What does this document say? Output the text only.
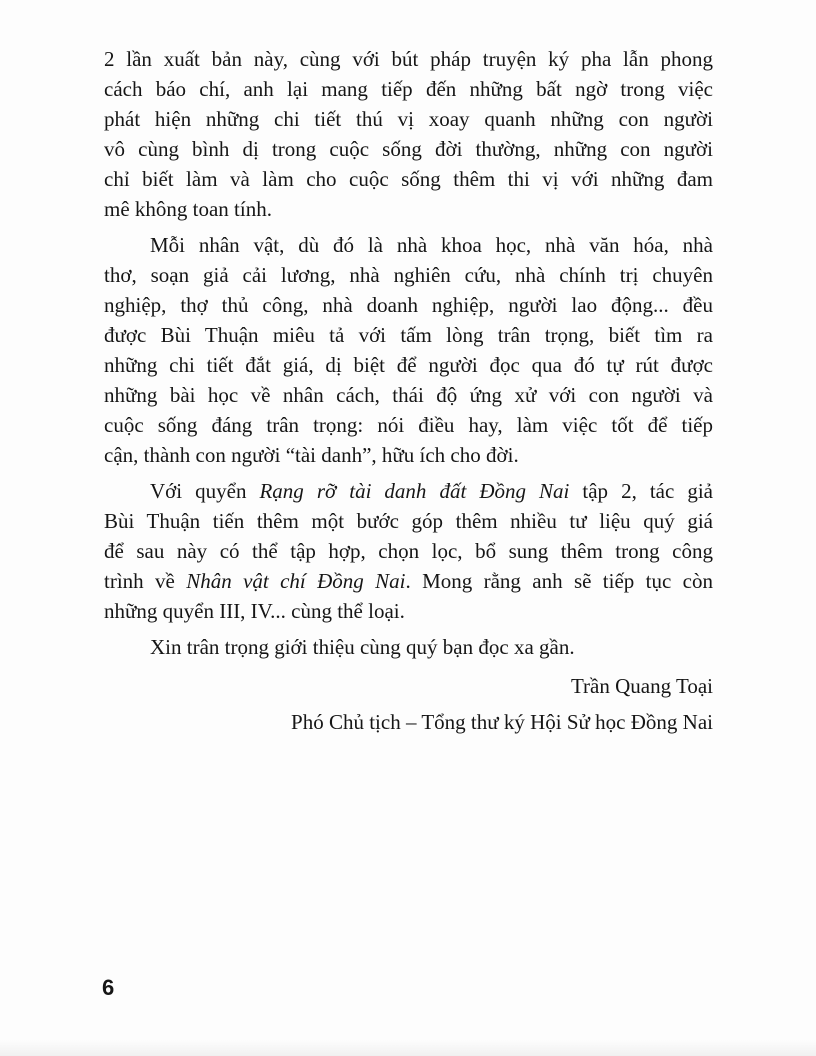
2 lần xuất bản này, cùng với bút pháp truyện ký pha lẫn phong
cách báo chí, anh lại mang tiếp đến những bất ngờ trong việc
phát hiện những chi tiết thú vị xoay quanh những con người
vô cùng bình dị trong cuộc sống đời thường, những con người
chỉ biết làm và làm cho cuộc sống thêm thi vị với những đam
mê không toan tính.
Mỗi nhân vật, dù đó là nhà khoa học, nhà văn hóa, nhà
thơ, soạn giả cải lương, nhà nghiên cứu, nhà chính trị chuyên
nghiệp, thợ thủ công, nhà doanh nghiệp, người lao động... đều
được Bùi Thuận miêu tả với tấm lòng trân trọng, biết tìm ra
những chi tiết đắt giá, dị biệt để người đọc qua đó tự rút được
những bài học về nhân cách, thái độ ứng xử với con người và
cuộc sống đáng trân trọng: nói điều hay, làm việc tốt để tiếp
cận, thành con người “tài danh”, hữu ích cho đời.
Với quyển Rạng rỡ tài danh đất Đồng Nai tập 2, tác giả
Bùi Thuận tiến thêm một bước góp thêm nhiều tư liệu quý giá
để sau này có thể tập hợp, chọn lọc, bổ sung thêm trong công
trình về Nhân vật chí Đồng Nai. Mong rằng anh sẽ tiếp tục còn
những quyển III, IV... cùng thể loại.
Xin trân trọng giới thiệu cùng quý bạn đọc xa gần.
Trần Quang Toại
Phó Chủ tịch – Tổng thư ký Hội Sử học Đồng Nai
6
